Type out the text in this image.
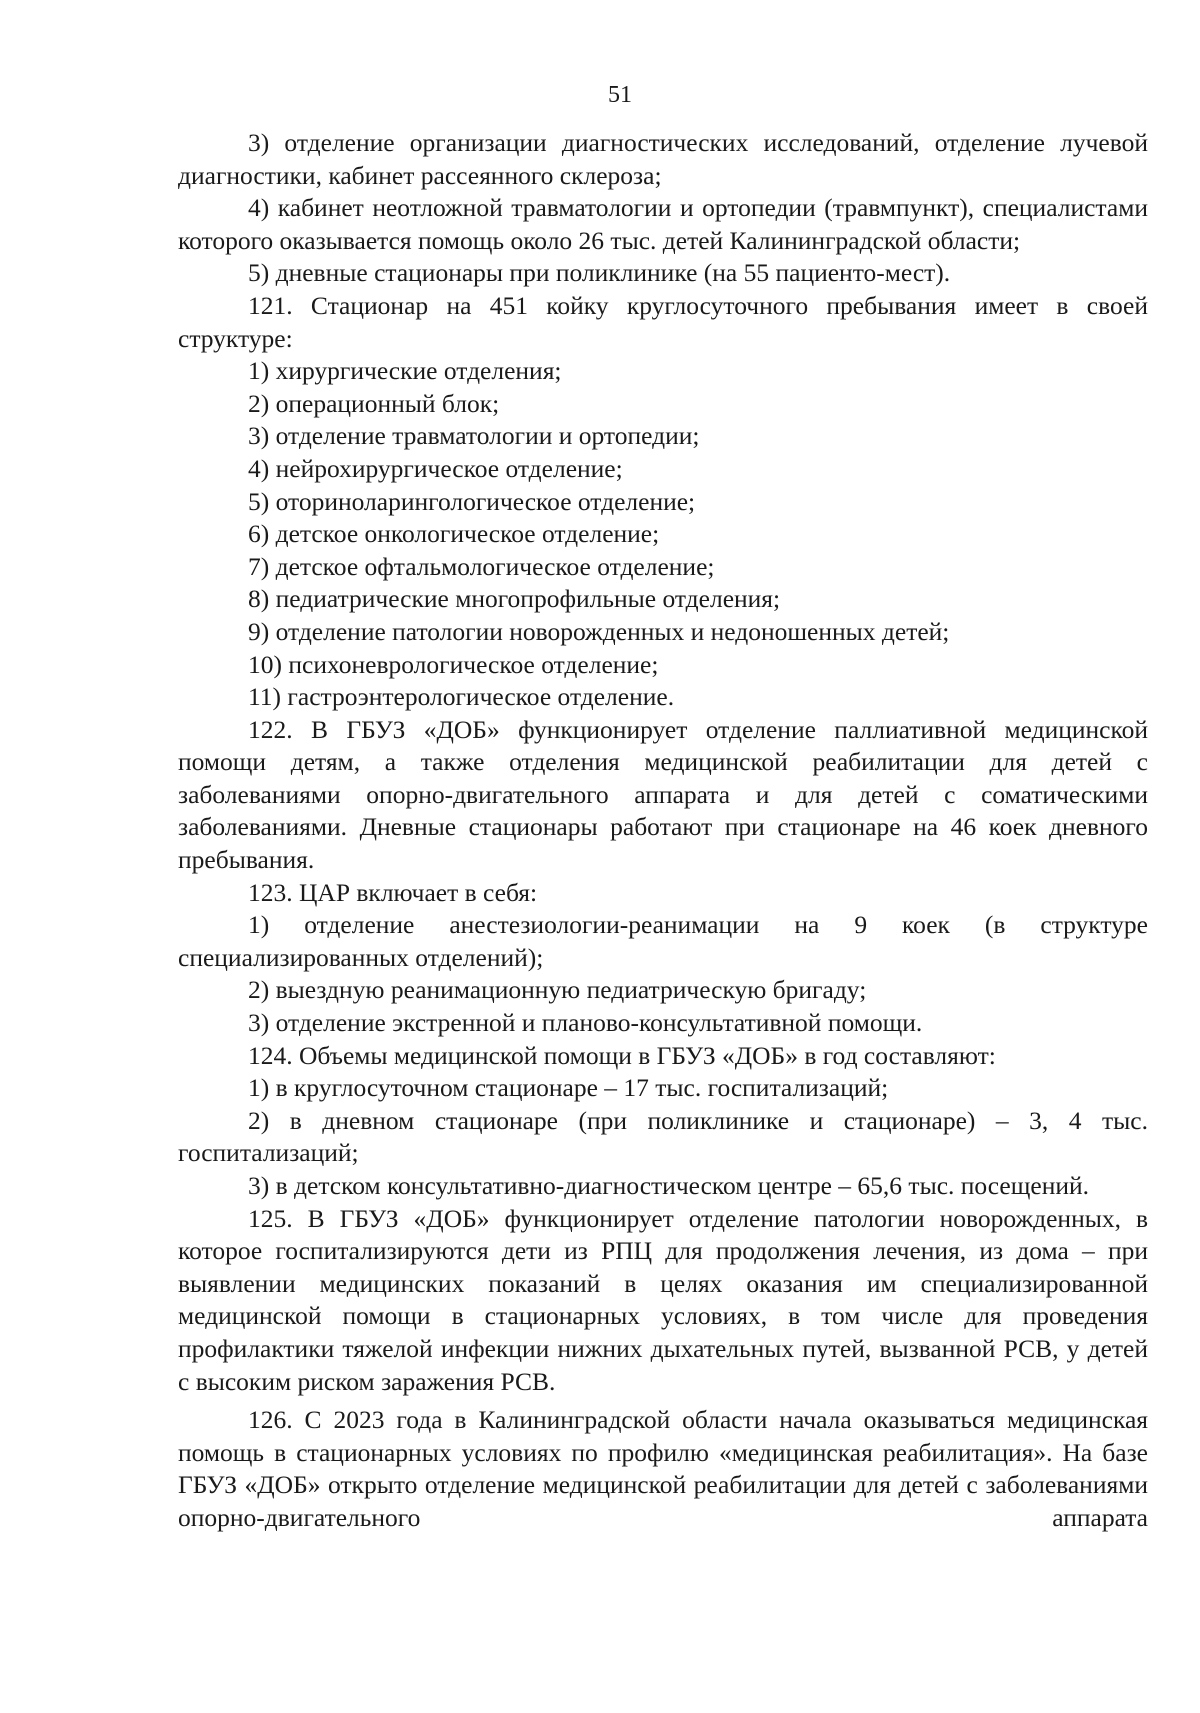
51

3) отделение организации диагностических исследований, отделение лучевой диагностики, кабинет рассеянного склероза;

4) кабинет неотложной травматологии и ортопедии (травмпункт), специалистами которого оказывается помощь около 26 тыс. детей Калининградской области;

5) дневные стационары при поликлинике (на 55 пациенто-мест).

121. Стационар на 451 койку круглосуточного пребывания имеет в своей структуре:

1) хирургические отделения;

2) операционный блок;

3) отделение травматологии и ортопедии;

4) нейрохирургическое отделение;

5) оториноларингологическое отделение;

6) детское онкологическое отделение;

7) детское офтальмологическое отделение;

8) педиатрические многопрофильные отделения;

9) отделение патологии новорожденных и недоношенных детей;

10) психоневрологическое отделение;

11) гастроэнтерологическое отделение.

122. В ГБУЗ «ДОБ» функционирует отделение паллиативной медицинской помощи детям, а также отделения медицинской реабилитации для детей с заболеваниями опорно-двигательного аппарата и для детей с соматическими заболеваниями. Дневные стационары работают при стационаре на 46 коек дневного пребывания.

123. ЦАР включает в себя:

1) отделение анестезиологии-реанимации на 9 коек (в структуре специализированных отделений);

2) выездную реанимационную педиатрическую бригаду;

3) отделение экстренной и планово-консультативной помощи.

124. Объемы медицинской помощи в ГБУЗ «ДОБ» в год составляют:

1) в круглосуточном стационаре – 17 тыс. госпитализаций;

2) в дневном стационаре (при поликлинике и стационаре) – 3, 4 тыс. госпитализаций;

3) в детском консультативно-диагностическом центре – 65,6 тыс. посещений.

125. В ГБУЗ «ДОБ» функционирует отделение патологии новорожденных, в которое госпитализируются дети из РПЦ для продолжения лечения, из дома – при выявлении медицинских показаний в целях оказания им специализированной медицинской помощи в стационарных условиях, в том числе для проведения профилактики тяжелой инфекции нижних дыхательных путей, вызванной РСВ, у детей с высоким риском заражения РСВ.

126. С 2023 года в Калининградской области начала оказываться медицинская помощь в стационарных условиях по профилю «медицинская реабилитация». На базе ГБУЗ «ДОБ» открыто отделение медицинской реабилитации для детей с заболеваниями опорно-двигательного аппарата
